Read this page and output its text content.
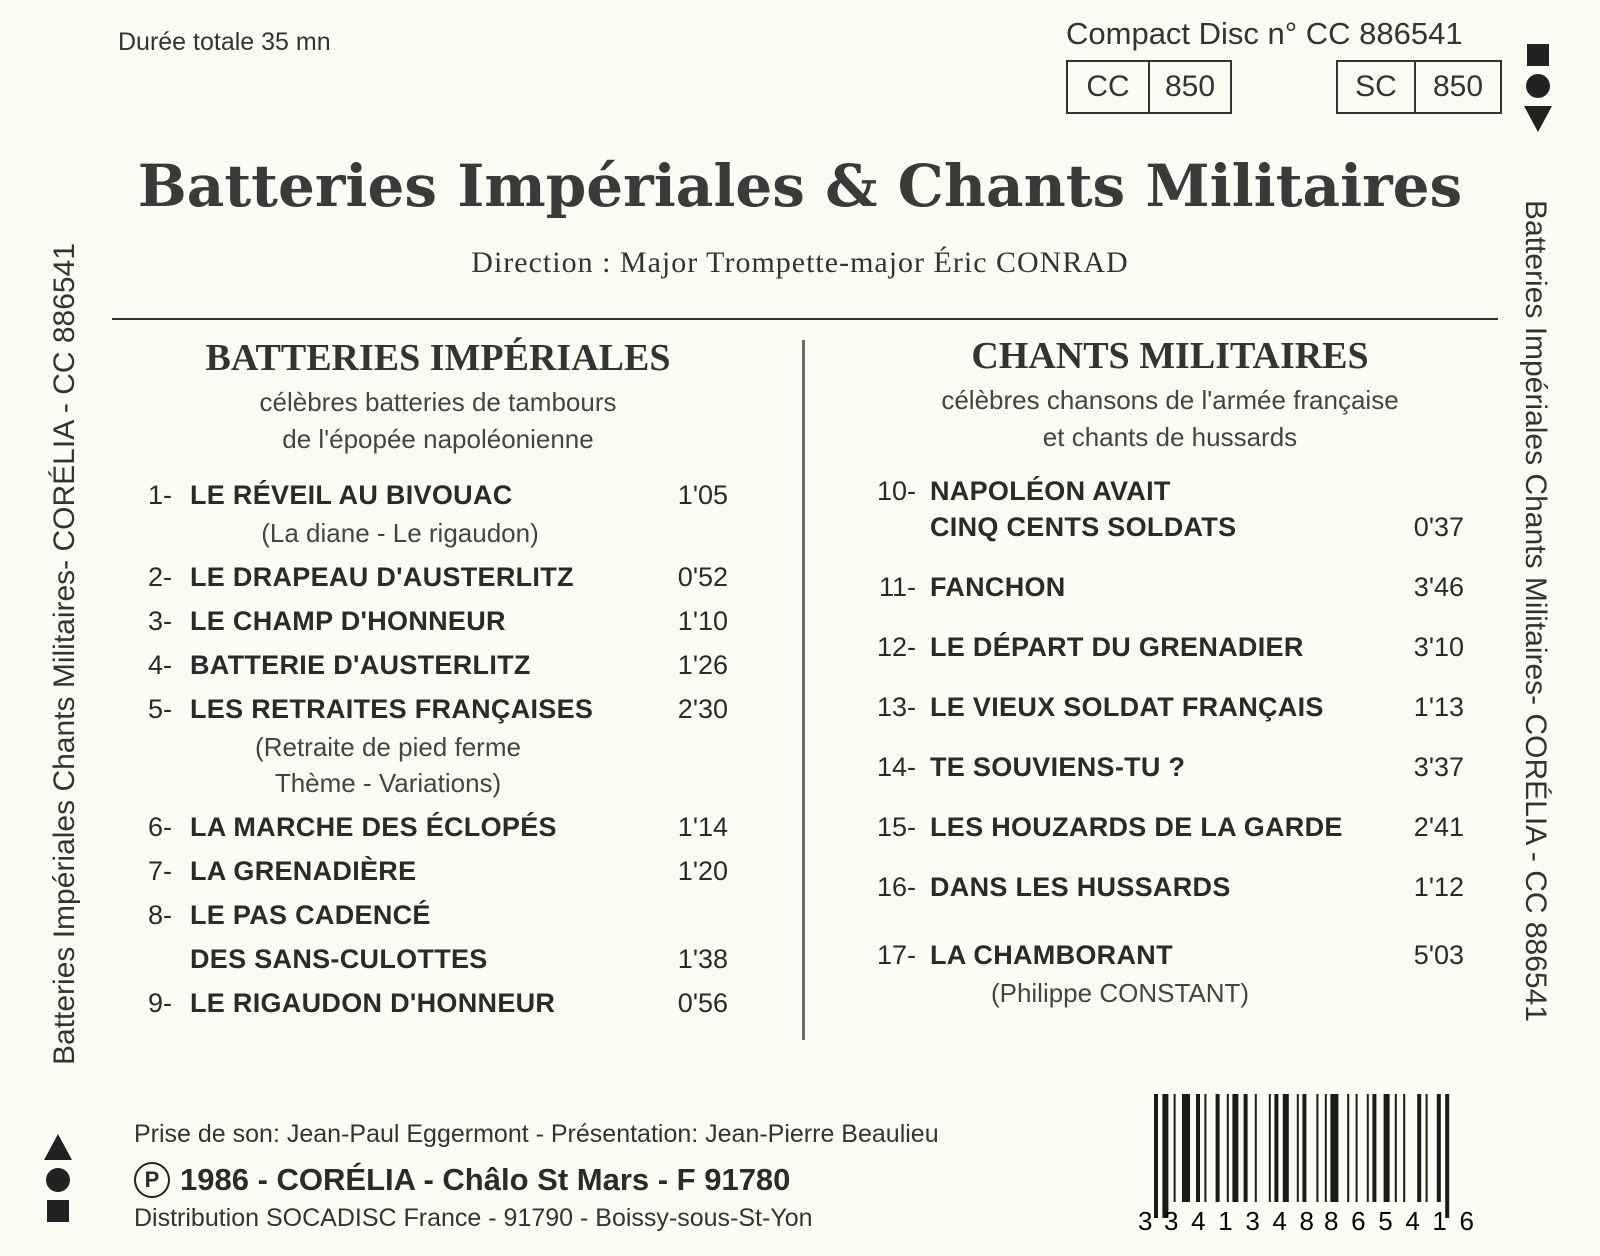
Batteries Impériales Chants Militaires- CORÉLIA - CC 886541	Batteries Impériales Chants Militaires- CORÉLIA - CC 886541
Durée totale 35 mn	Compact Disc n° CC 886541
CC	850	SC	850
Batteries Impériales & Chants Militaires
Direction : Major Trompette-major Éric CONRAD
BATTERIES IMPÉRIALES
célèbres batteries de tambours
de l'épopée napoléonienne
CHANTS MILITAIRES
célèbres chansons de l'armée française
et chants de hussards
1- LE RÉVEIL AU BIVOUAC	1'05
(La diane - Le rigaudon)
2- LE DRAPEAU D'AUSTERLITZ	0'52
3- LE CHAMP D'HONNEUR	1'10
4- BATTERIE D'AUSTERLITZ	1'26
5- LES RETRAITES FRANÇAISES	2'30
(Retraite de pied ferme
Thème - Variations)
6- LA MARCHE DES ÉCLOPÉS	1'14
7- LA GRENADIÈRE	1'20
8- LE PAS CADENCÉ
DES SANS-CULOTTES	1'38
9- LE RIGAUDON D'HONNEUR	0'56
10- NAPOLÉON AVAIT
CINQ CENTS SOLDATS	0'37
11- FANCHON	3'46
12- LE DÉPART DU GRENADIER	3'10
13- LE VIEUX SOLDAT FRANÇAIS	1'13
14- TE SOUVIENS-TU ?	3'37
15- LES HOUZARDS DE LA GARDE	2'41
16- DANS LES HUSSARDS	1'12
17- LA CHAMBORANT	5'03
(Philippe CONSTANT)
Prise de son: Jean-Paul Eggermont - Présentation: Jean-Pierre Beaulieu
P 1986 - CORÉLIA - Châlo St Mars - F 91780
Distribution SOCADISC France - 91790 - Boissy-sous-St-Yon	3 341348 865416
